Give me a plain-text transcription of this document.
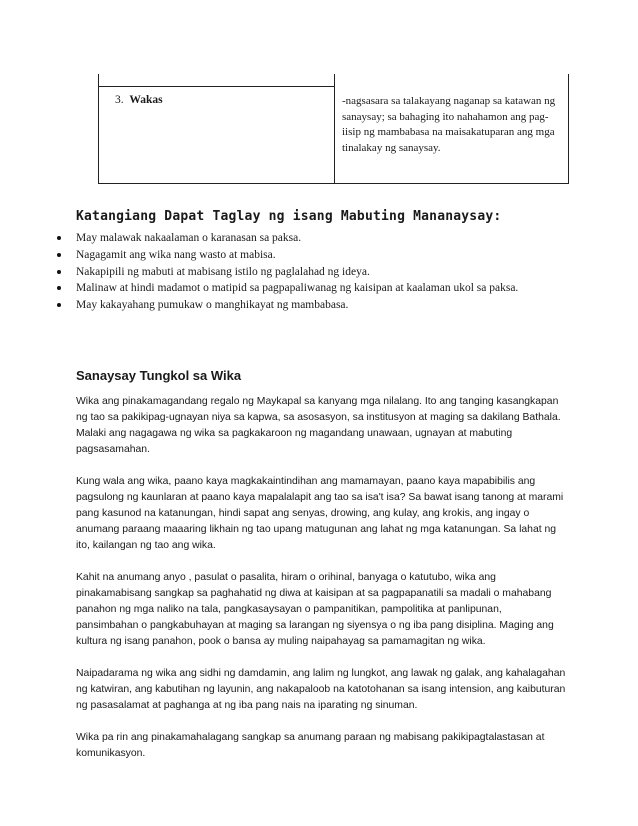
3. Wakas	-nagsasara sa talakayang naganap sa katawan ng sanaysay; sa bahaging ito nahahamon ang pag-iisip ng mambabasa na maisakatuparan ang mga tinalakay ng sanaysay.
Katangiang Dapat Taglay ng isang Mabuting Mananaysay:
May malawak nakaalaman o karanasan sa paksa.
Nagagamit ang wika nang wasto at mabisa.
Nakapipili ng mabuti at mabisang istilo ng paglalahad ng ideya.
Malinaw at hindi madamot o matipid sa pagpapaliwanag ng kaisipan at kaalaman ukol sa paksa.
May kakayahang pumukaw o manghikayat ng mambabasa.
Sanaysay Tungkol sa Wika

Wika ang pinakamagandang regalo ng Maykapal sa kanyang mga nilalang. Ito ang tanging kasangkapan ng tao sa pakikipag-ugnayan niya sa kapwa, sa asosasyon, sa institusyon at maging sa dakilang Bathala. Malaki ang nagagawa ng wika sa pagkakaroon ng magandang unawaan, ugnayan at mabuting pagsasamahan.

Kung wala ang wika, paano kaya magkakaintindihan ang mamamayan, paano kaya mapabibilis ang pagsulong ng kaunlaran at paano kaya mapalalapit ang tao sa isa't isa? Sa bawat isang tanong at marami pang kasunod na katanungan, hindi sapat ang senyas, drowing, ang kulay, ang krokis, ang ingay o anumang paraang maaaring likhain ng tao upang matugunan ang lahat ng mga katanungan. Sa lahat ng ito, kailangan ng tao ang wika.

Kahit na anumang anyo , pasulat o pasalita, hiram o orihinal, banyaga o katutubo, wika ang pinakamabisang sangkap sa paghahatid ng diwa at kaisipan at sa pagpapanatili sa madali o mahabang panahon ng mga naliko na tala, pangkasaysayan o pampanitikan, pampolitika at panlipunan, pansimbahan o pangkabuhayan at maging sa larangan ng siyensya o ng iba pang disiplina. Maging ang kultura ng isang panahon, pook o bansa ay muling naipahayag sa pamamagitan ng wika.

Naipadarama ng wika ang sidhi ng damdamin, ang lalim ng lungkot, ang lawak ng galak, ang kahalagahan ng katwiran, ang kabutihan ng layunin, ang nakapaloob na katotohanan sa isang intension, ang kaibuturan ng pasasalamat at paghanga at ng iba pang nais na iparating ng sinuman.

Wika pa rin ang pinakamahalagang sangkap sa anumang paraan ng mabisang pakikipagtalastasan at komunikasyon.
